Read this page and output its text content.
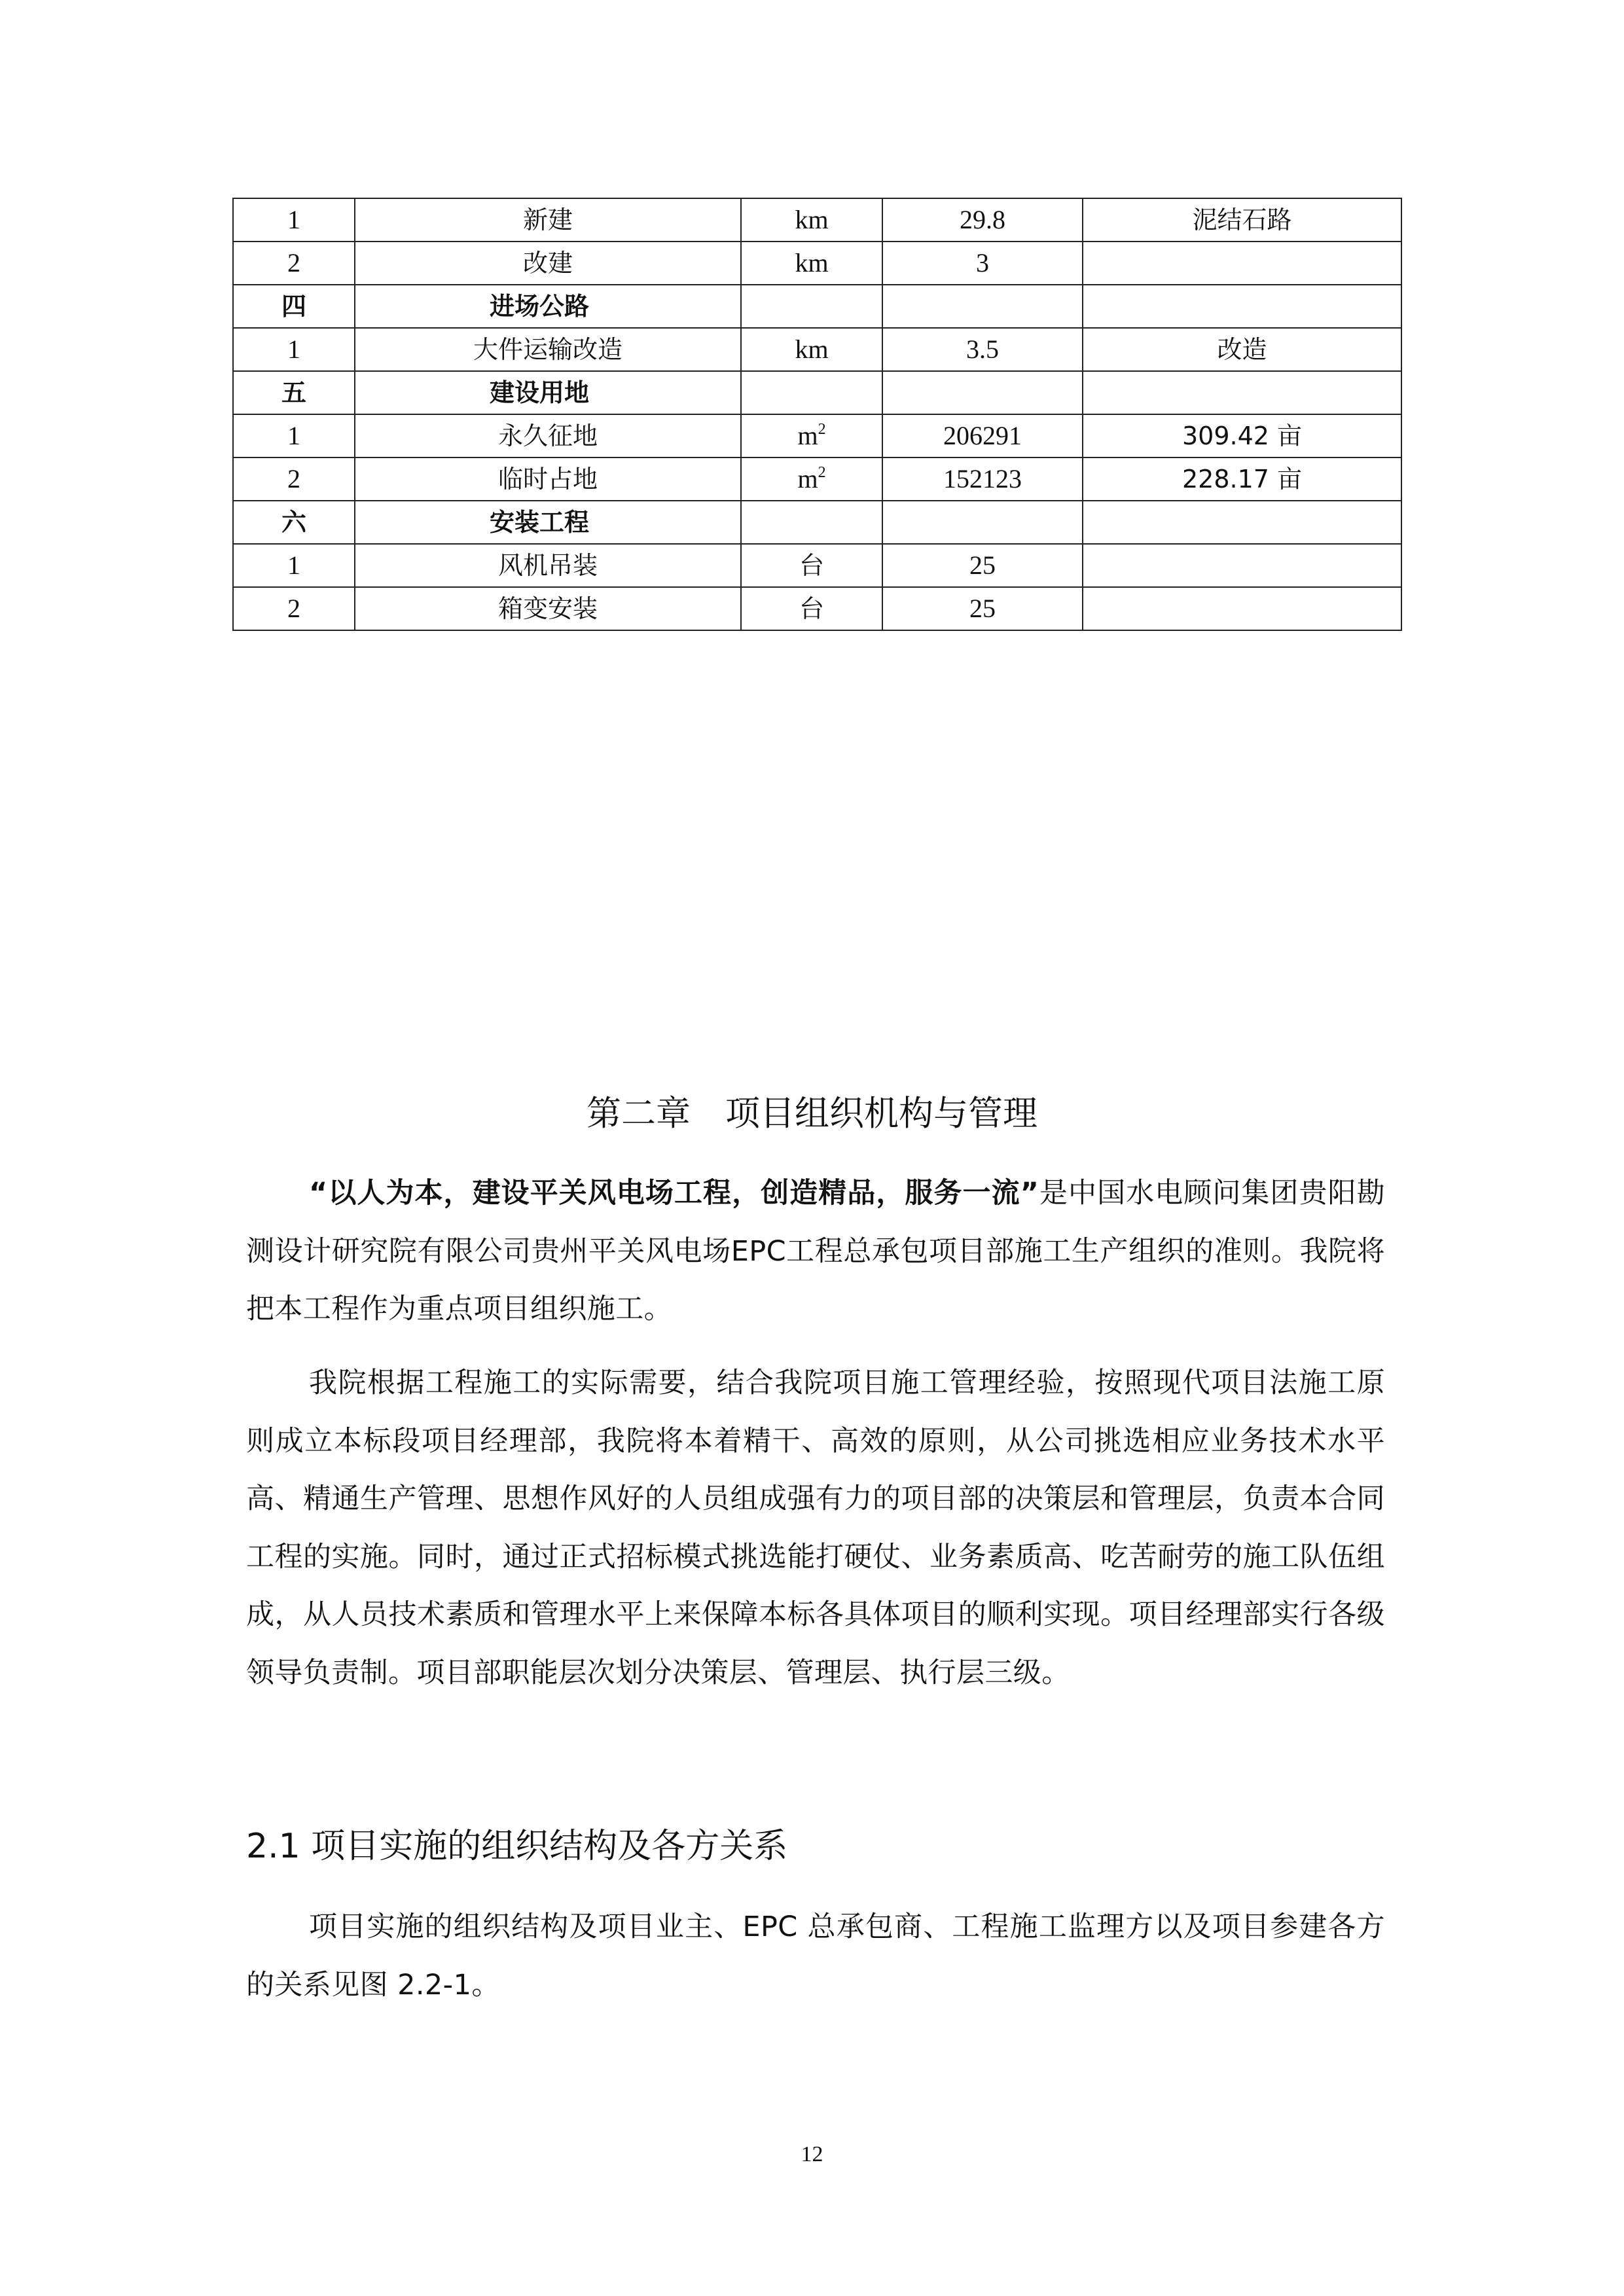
1	新建	km	29.8	泥结石路
2	改建	km	3	
四	进场公路			
1	大件运输改造	km	3.5	改造
五	建设用地			
1	永久征地	$m^2$	206291	309.42 亩
2	临时占地	$m^2$	152123	228.17 亩
六	安装工程			
1	风机吊装	台	25	
2	箱变安装	台	25	
第二章　项目组织机构与管理

“以人为本，建设平关风电场工程，创造精品，服务一流”是中国水电顾问集团贵阳勘测设计研究院有限公司贵州平关风电场EPC工程总承包项目部施工生产组织的准则。我院将把本工程作为重点项目组织施工。

我院根据工程施工的实际需要，结合我院项目施工管理经验，按照现代项目法施工原则成立本标段项目经理部，我院将本着精干、高效的原则，从公司挑选相应业务技术水平高、精通生产管理、思想作风好的人员组成强有力的项目部的决策层和管理层，负责本合同工程的实施。同时，通过正式招标模式挑选能打硬仗、业务素质高、吃苦耐劳的施工队伍组成，从人员技术素质和管理水平上来保障本标各具体项目的顺利实现。项目经理部实行各级领导负责制。项目部职能层次划分决策层、管理层、执行层三级。

2.1 项目实施的组织结构及各方关系

项目实施的组织结构及项目业主、EPC 总承包商、工程施工监理方以及项目参建各方的关系见图 2.2-1。

12
